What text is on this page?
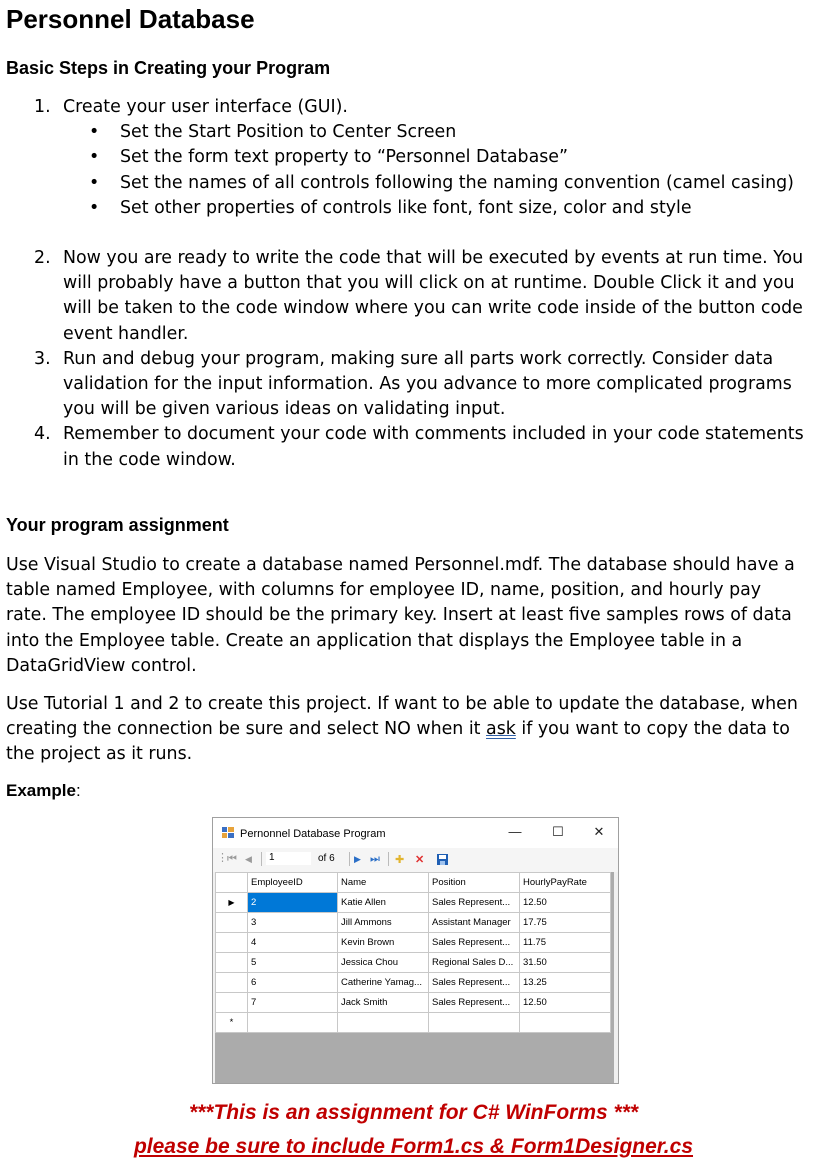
Personnel Database
Basic Steps in Creating your Program
1. Create your user interface (GUI).
• Set the Start Position to Center Screen
• Set the form text property to “Personnel Database”
• Set the names of all controls following the naming convention (camel casing)
• Set other properties of controls like font, font size, color and style
2. Now you are ready to write the code that will be executed by events at run time. You will probably have a button that you will click on at runtime. Double Click it and you will be taken to the code window where you can write code inside of the button code event handler.
3. Run and debug your program, making sure all parts work correctly. Consider data validation for the input information. As you advance to more complicated programs you will be given various ideas on validating input.
4. Remember to document your code with comments included in your code statements in the code window.
Your program assignment

Use Visual Studio to create a database named Personnel.mdf. The database should have a table named Employee, with columns for employee ID, name, position, and hourly pay rate. The employee ID should be the primary key. Insert at least five samples rows of data into the Employee table. Create an application that displays the Employee table in a DataGridView control.

Use Tutorial 1 and 2 to create this project. If want to be able to update the database, when creating the connection be sure and select NO when it ask if you want to copy the data to the project as it runs.

Example:
Pernonnel Database Program	—	☐	✕
⋮ ⏮ ◀	1	of 6 ▶ ⏭ ✚ ✕
	EmployeeID	Name	Position	HourlyPayRate
▶	2	Katie Allen	Sales Represent...	12.50
	3	Jill Ammons	Assistant Manager	17.75
	4	Kevin Brown	Sales Represent...	11.75
	5	Jessica Chou	Regional Sales D...	31.50
	6	Catherine Yamag...	Sales Represent...	13.25
	7	Jack Smith	Sales Represent...	12.50
*				
***This is an assignment for C# WinForms ***
please be sure to include Form1.cs & Form1Designer.cs
